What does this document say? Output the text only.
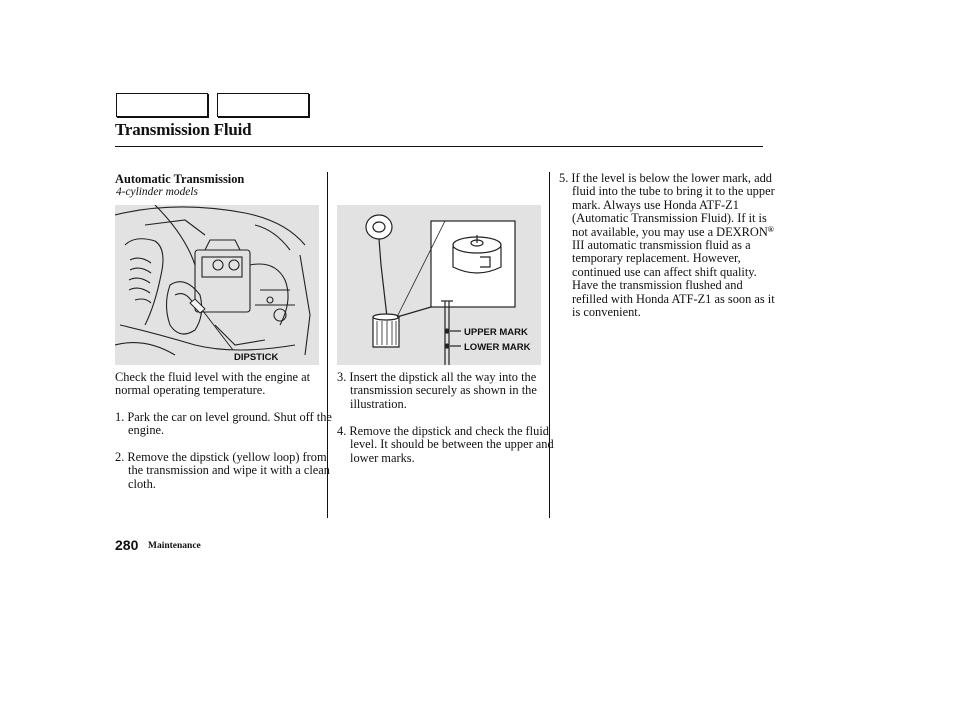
Transmission Fluid
Automatic Transmission
4-cylinder models
DIPSTICK
UPPER MARK
LOWER MARK
Check the fluid level with the engine at normal operating temperature.
1. Park the car on level ground. Shut off the engine.
2. Remove the dipstick (yellow loop) from the transmission and wipe it with a clean cloth.
3. Insert the dipstick all the way into the transmission securely as shown in the illustration.
4. Remove the dipstick and check the fluid level. It should be between the upper and lower marks.
5. If the level is below the lower mark, add fluid into the tube to bring it to the upper mark. Always use Honda ATF-Z1 (Automatic Transmission Fluid). If it is not available, you may use a DEXRON® III automatic transmission fluid as a temporary replacement. However, continued use can affect shift quality. Have the transmission flushed and refilled with Honda ATF-Z1 as soon as it is convenient.
280 Maintenance
